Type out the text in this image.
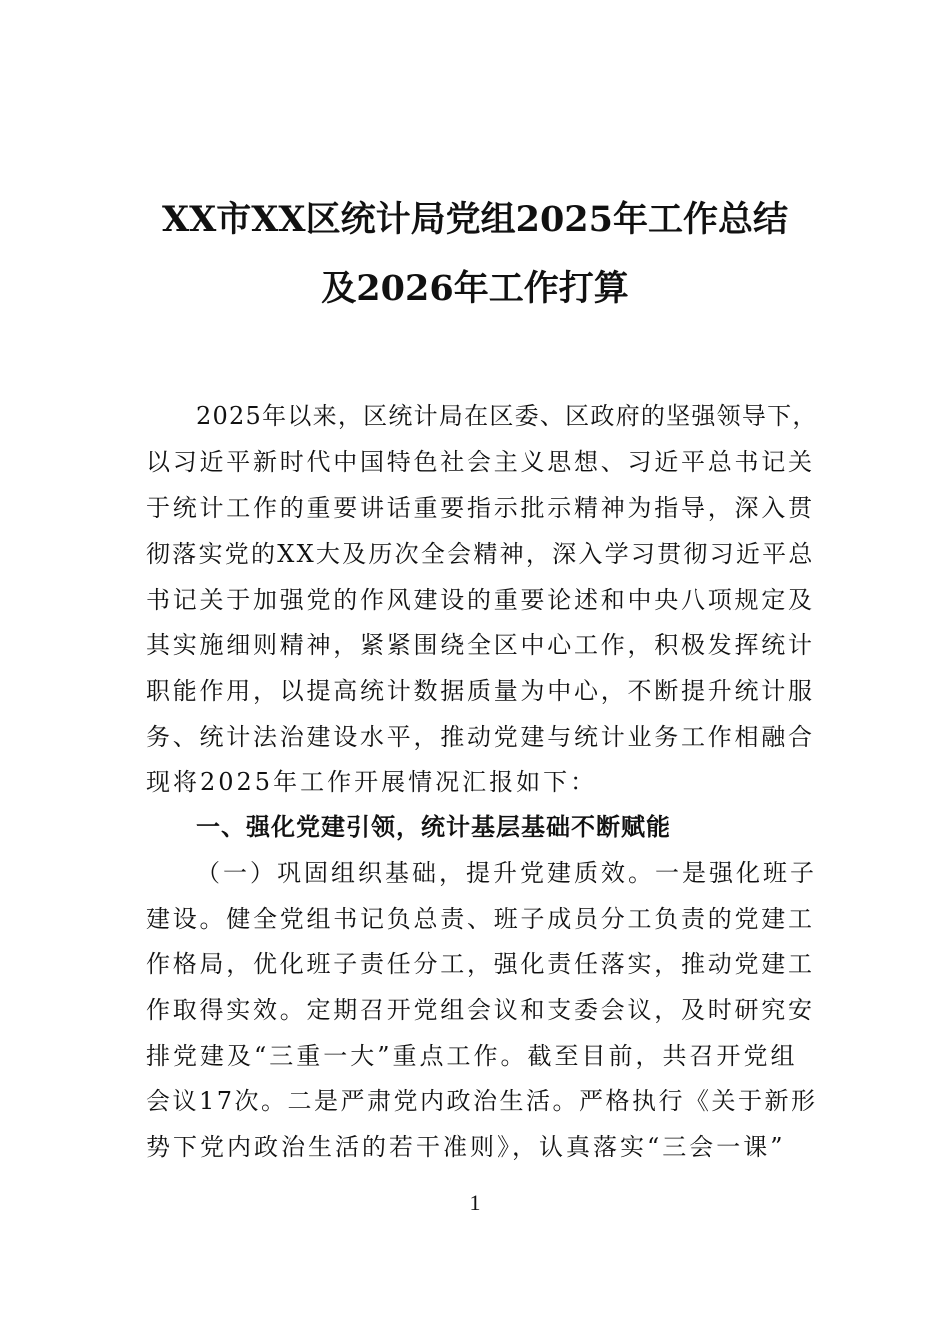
XX市XX区统计局党组2025年工作总结
及2026年工作打算

2025年以来，区统计局在区委、区政府的坚强领导下，

以习近平新时代中国特色社会主义思想、习近平总书记关

于统计工作的重要讲话重要指示批示精神为指导，深入贯

彻落实党的XX大及历次全会精神，深入学习贯彻习近平总

书记关于加强党的作风建设的重要论述和中央八项规定及

其实施细则精神，紧紧围绕全区中心工作，积极发挥统计

职能作用，以提高统计数据质量为中心，不断提升统计服

务、统计法治建设水平，推动党建与统计业务工作相融合

现将2025年工作开展情况汇报如下：

一、强化党建引领，统计基层基础不断赋能

（一）巩固组织基础，提升党建质效。一是强化班子

建设。健全党组书记负总责、班子成员分工负责的党建工

作格局，优化班子责任分工，强化责任落实，推动党建工

作取得实效。定期召开党组会议和支委会议，及时研究安

排党建及“三重一大”重点工作。截至目前，共召开党组

会议17次。二是严肃党内政治生活。严格执行《关于新形

势下党内政治生活的若干准则》，认真落实“三会一课”

1
